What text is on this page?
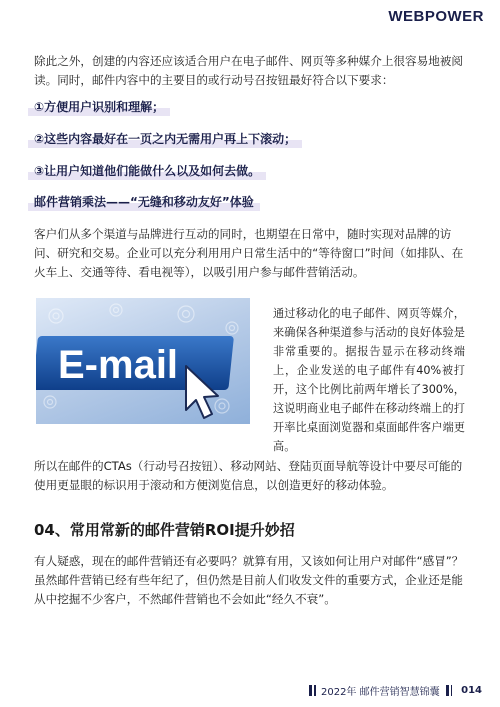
WEBPOWER

除此之外，创建的内容还应该适合用户在电子邮件、网页等多种媒介上很容易地被阅读。同时，邮件内容中的主要目的或行动号召按钮最好符合以下要求：

①方便用户识别和理解；
②这些内容最好在一页之内无需用户再上下滚动；
③让用户知道他们能做什么以及如何去做。
邮件营销乘法——“无缝和移动友好”体验

客户们从多个渠道与品牌进行互动的同时，也期望在日常中，随时实现对品牌的访问、研究和交易。企业可以充分利用用户日常生活中的“等待窗口”时间（如排队、在火车上、交通等待、看电视等），以吸引用户参与邮件营销活动。

E-mail

通过移动化的电子邮件、网页等媒介，来确保各种渠道参与活动的良好体验是非常重要的。据报告显示在移动终端上，企业发送的电子邮件有40%被打开，这个比例比前两年增长了300%，这说明商业电子邮件在移动终端上的打开率比桌面浏览器和桌面邮件客户端更高。

所以在邮件的CTAs（行动号召按钮）、移动网站、登陆页面导航等设计中要尽可能的使用更显眼的标识用于滚动和方便浏览信息，以创造更好的移动体验。

04、常用常新的邮件营销ROI提升妙招

有人疑惑，现在的邮件营销还有必要吗？就算有用，又该如何让用户对邮件“感冒”？虽然邮件营销已经有些年纪了，但仍然是目前人们收发文件的重要方式，企业还是能从中挖掘不少客户，不然邮件营销也不会如此“经久不衰”。

2022年 邮件营销智慧锦囊 014
